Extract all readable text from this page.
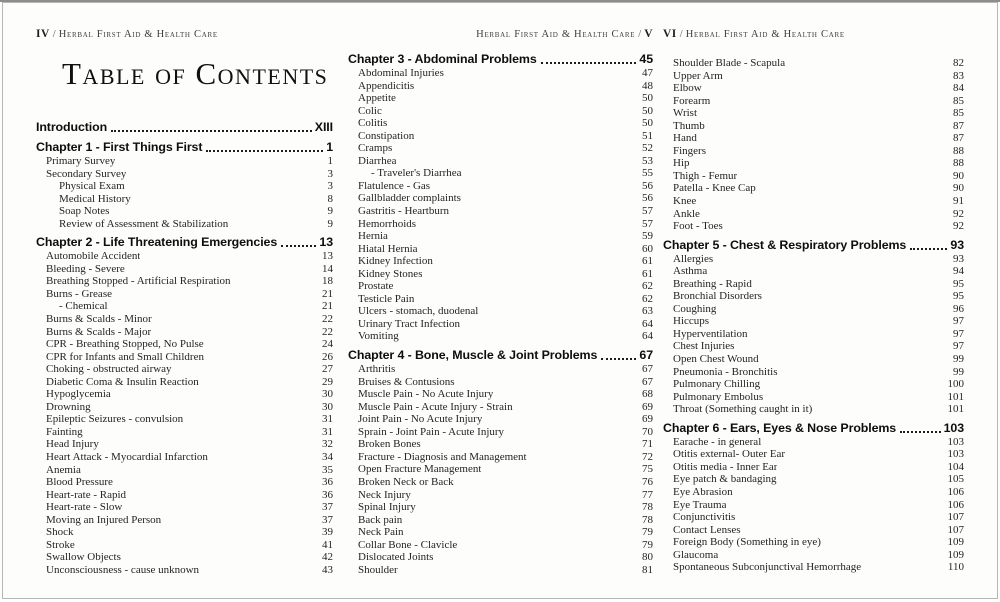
IV / Herbal First Aid & Health Care
Table of Contents
Introduction	XIII
Chapter 1 - First Things First	1
Primary Survey	1
Secondary Survey	3
Physical Exam	3
Medical History	8
Soap Notes	9
Review of Assessment & Stabilization	9
Chapter 2 - Life Threatening Emergencies	13
Automobile Accident	13
Bleeding - Severe	14
Breathing Stopped - Artificial Respiration	18
Burns - Grease	21
- Chemical	21
Burns & Scalds - Minor	22
Burns & Scalds - Major	22
CPR - Breathing Stopped, No Pulse	24
CPR for Infants and Small Children	26
Choking - obstructed airway	27
Diabetic Coma & Insulin Reaction	29
Hypoglycemia	30
Drowning	30
Epileptic Seizures - convulsion	31
Fainting	31
Head Injury	32
Heart Attack - Myocardial Infarction	34
Anemia	35
Blood Pressure	36
Heart-rate - Rapid	36
Heart-rate - Slow	37
Moving an Injured Person	37
Shock	39
Stroke	41
Swallow Objects	42
Unconsciousness - cause unknown	43
Herbal First Aid & Health Care / V
Chapter 3 - Abdominal Problems	45
Abdominal Injuries	47
Appendicitis	48
Appetite	50
Colic	50
Colitis	50
Constipation	51
Cramps	52
Diarrhea	53
- Traveler's Diarrhea	55
Flatulence - Gas	56
Gallbladder complaints	56
Gastritis - Heartburn	57
Hemorrhoids	57
Hernia	59
Hiatal Hernia	60
Kidney Infection	61
Kidney Stones	61
Prostate	62
Testicle Pain	62
Ulcers - stomach, duodenal	63
Urinary Tract Infection	64
Vomiting	64
Chapter 4 - Bone, Muscle & Joint Problems	67
Arthritis	67
Bruises & Contusions	67
Muscle Pain - No Acute Injury	68
Muscle Pain - Acute Injury - Strain	69
Joint Pain - No Acute Injury	69
Sprain - Joint Pain - Acute Injury	70
Broken Bones	71
Fracture - Diagnosis and Management	72
Open Fracture Management	75
Broken Neck or Back	76
Neck Injury	77
Spinal Injury	78
Back pain	78
Neck Pain	79
Collar Bone - Clavicle	79
Dislocated Joints	80
Shoulder	81
VI / Herbal First Aid & Health Care
Shoulder Blade - Scapula	82
Upper Arm	83
Elbow	84
Forearm	85
Wrist	85
Thumb	87
Hand	87
Fingers	88
Hip	88
Thigh - Femur	90
Patella - Knee Cap	90
Knee	91
Ankle	92
Foot - Toes	92
Chapter 5 - Chest & Respiratory Problems	93
Allergies	93
Asthma	94
Breathing - Rapid	95
Bronchial Disorders	95
Coughing	96
Hiccups	97
Hyperventilation	97
Chest Injuries	97
Open Chest Wound	99
Pneumonia - Bronchitis	99
Pulmonary Chilling	100
Pulmonary Embolus	101
Throat (Something caught in it)	101
Chapter 6 - Ears, Eyes & Nose Problems	103
Earache - in general	103
Otitis external- Outer Ear	103
Otitis media - Inner Ear	104
Eye patch & bandaging	105
Eye Abrasion	106
Eye Trauma	106
Conjunctivitis	107
Contact Lenses	107
Foreign Body (Something in eye)	109
Glaucoma	109
Spontaneous Subconjunctival Hemorrhage	110
